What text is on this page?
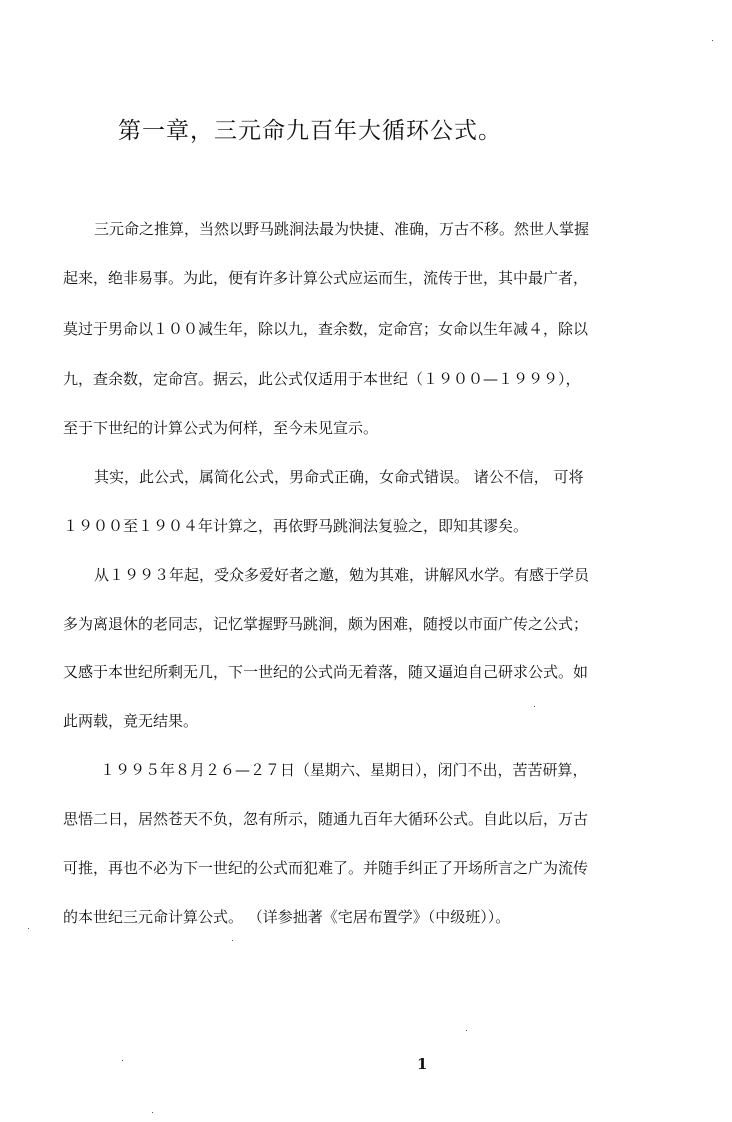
第一章，三元命九百年大循环公式。
三元命之推算，当然以野马跳涧法最为快捷、准确，万古不移。然世人掌握
起来，绝非易事。为此，便有许多计算公式应运而生，流传于世，其中最广者，
莫过于男命以１００减生年，除以九，查余数，定命宫；女命以生年减４，除以
九，查余数，定命宫。据云，此公式仅适用于本世纪（１９００—１９９９），
至于下世纪的计算公式为何样，至今未见宣示。
其实，此公式，属简化公式，男命式正确，女命式错误。 诸公不信， 可将
１９００至１９０４年计算之，再依野马跳涧法复验之，即知其谬矣。
从１９９３年起，受众多爱好者之邀，勉为其难，讲解风水学。有感于学员
多为离退休的老同志，记忆掌握野马跳涧，颇为困难，随授以市面广传之公式；
又感于本世纪所剩无几，下一世纪的公式尚无着落，随又逼迫自己研求公式。如
此两载，竟无结果。
１９９５年８月２６—２７日（星期六、星期日），闭门不出，苦苦研算，
思悟二日，居然苍天不负，忽有所示，随通九百年大循环公式。自此以后，万古
可推，再也不必为下一世纪的公式而犯难了。并随手纠正了开场所言之广为流传
的本世纪三元命计算公式。 （详参拙著《宅居布置学》（中级班））。
1
